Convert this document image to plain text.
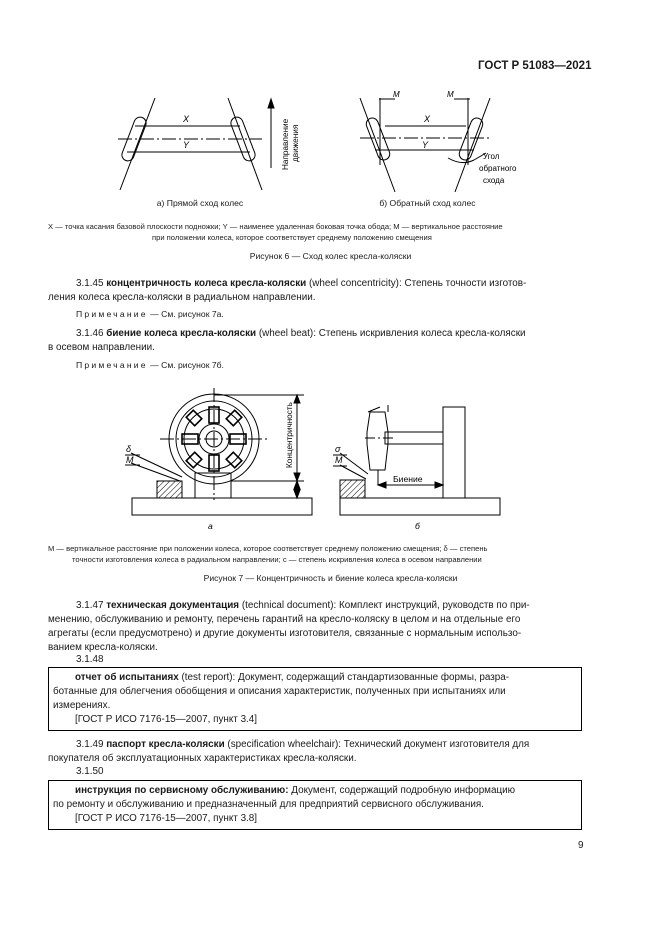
ГОСТ Р 51083—2021
X
Y
X
Y
M	M
Направление движения	Угол
обратного
схода
а) Прямой сход колес	б) Обратный сход колес
X — точка касания базовой плоскости подножки; Y — наименее удаленная боковая точка обода; M — вертикальное расстояние
при положении колеса, которое соответствует среднему положению смещения
Рисунок 6 — Сход колес кресла-коляски
3.1.45 концентричность колеса кресла-коляски (wheel concentricity): Степень точности изготов-
ления колеса кресла-коляски в радиальном направлении.
Примечание — См. рисунок 7а.
3.1.46 биение колеса кресла-коляски (wheel beat): Степень искривления колеса кресла-коляски
в осевом направлении.
Примечание — См. рисунок 7б.
Концентричность
δ
M
σ
M
Биение
а	б
M — вертикальное расстояние при положении колеса, которое соответствует среднему положению смещения; δ — степень
точности изготовления колеса в радиальном направлении; с — степень искривления колеса в осевом направлении
Рисунок 7 — Концентричность и биение колеса кресла-коляски
3.1.47 техническая документация (technical document): Комплект инструкций, руководств по при-
менению, обслуживанию и ремонту, перечень гарантий на кресло-коляску в целом и на отдельные его
агрегаты (если предусмотрено) и другие документы изготовителя, связанные с нормальным использо-
ванием кресла-коляски.
3.1.48
отчет об испытаниях (test report): Документ, содержащий стандартизованные формы, разра-
ботанные для облегчения обобщения и описания характеристик, полученных при испытаниях или
измерениях.
[ГОСТ Р ИСО 7176-15—2007, пункт 3.4]
3.1.49 паспорт кресла-коляски (specification wheelchair): Технический документ изготовителя для
покупателя об эксплуатационных характеристиках кресла-коляски.
3.1.50
инструкция по сервисному обслуживанию: Документ, содержащий подробную информацию
по ремонту и обслуживанию и предназначенный для предприятий сервисного обслуживания.
[ГОСТ Р ИСО 7176-15—2007, пункт 3.8]
9
